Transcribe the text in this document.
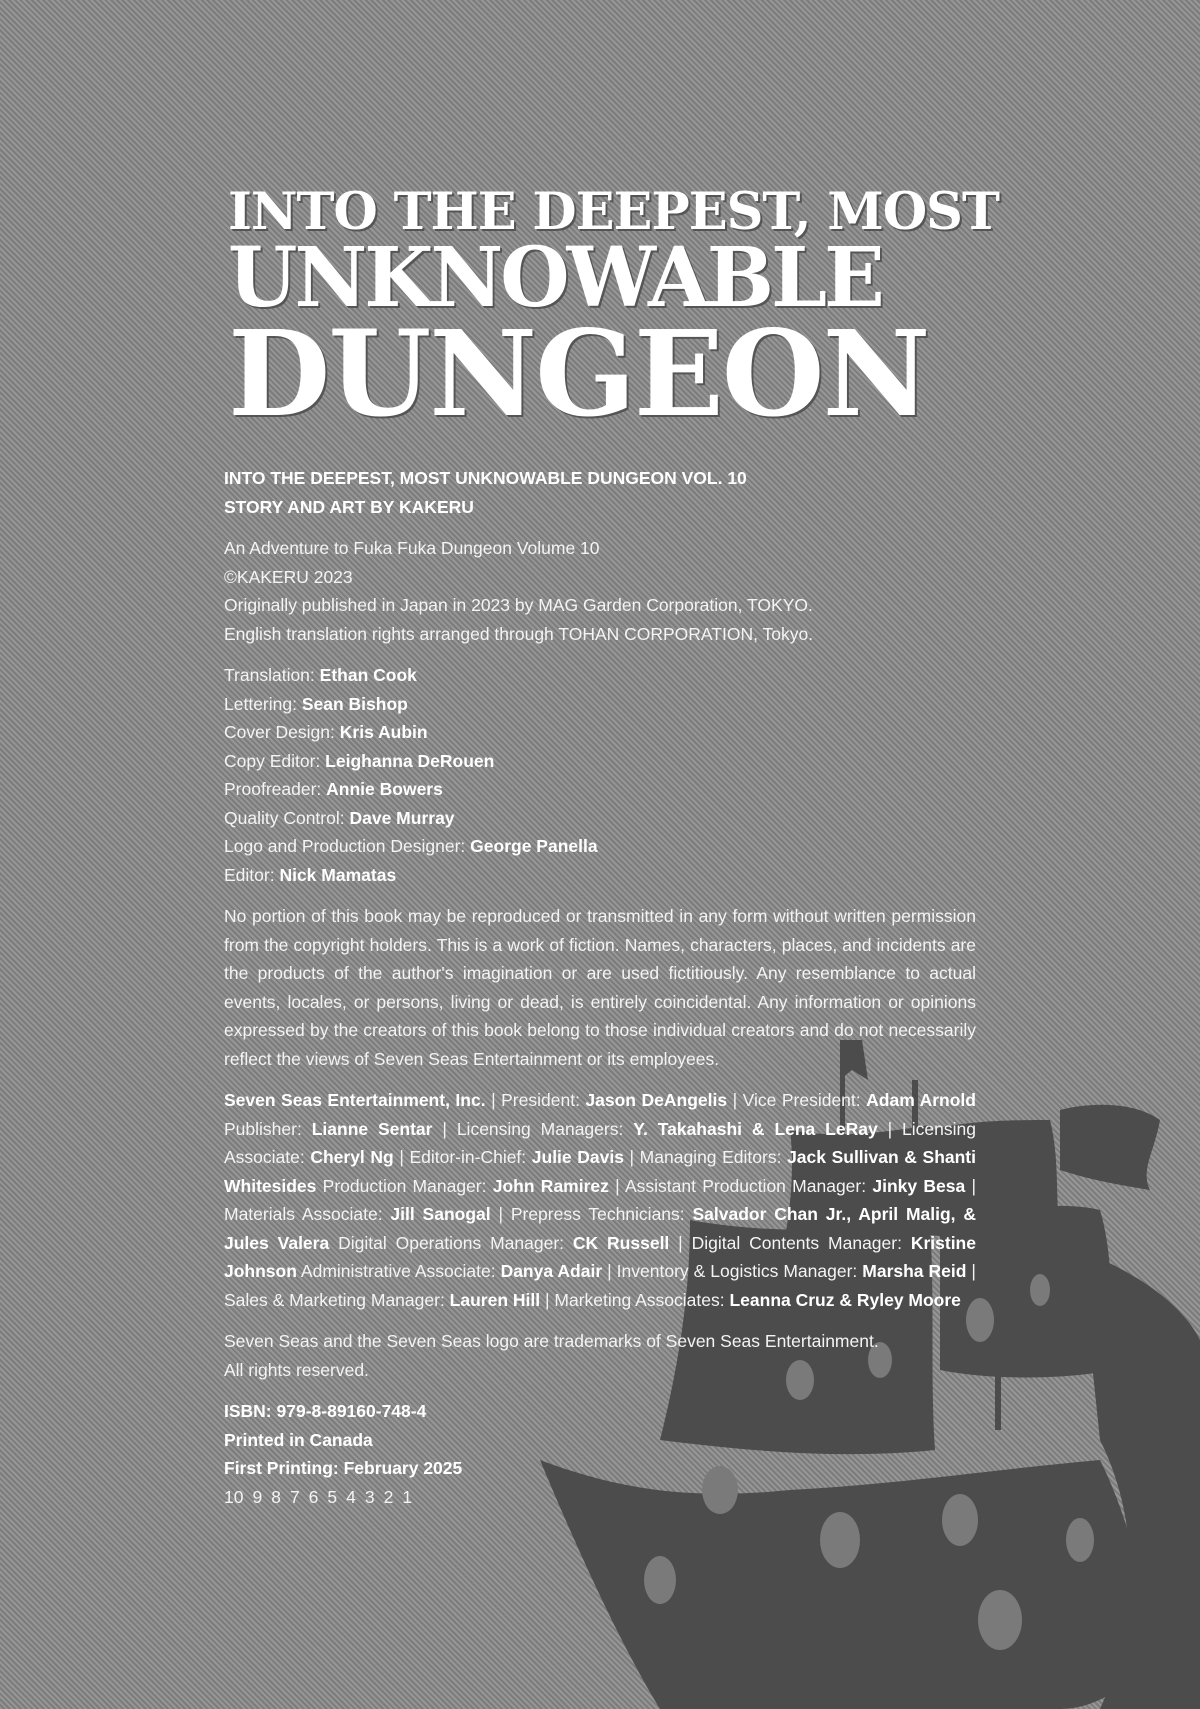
INTO THE DEEPEST, MOST
UNKNOWABLE
DUNGEON

INTO THE DEEPEST, MOST UNKNOWABLE DUNGEON VOL. 10
STORY AND ART BY KAKERU

An Adventure to Fuka Fuka Dungeon Volume 10
©KAKERU 2023
Originally published in Japan in 2023 by MAG Garden Corporation, TOKYO.
English translation rights arranged through TOHAN CORPORATION, Tokyo.

Translation: Ethan Cook
Lettering: Sean Bishop
Cover Design: Kris Aubin
Copy Editor: Leighanna DeRouen
Proofreader: Annie Bowers
Quality Control: Dave Murray
Logo and Production Designer: George Panella
Editor: Nick Mamatas

No portion of this book may be reproduced or transmitted in any form without written permission from the copyright holders. This is a work of fiction. Names, characters, places, and incidents are the products of the author's imagination or are used fictitiously. Any resemblance to actual events, locales, or persons, living or dead, is entirely coincidental. Any information or opinions expressed by the creators of this book belong to those individual creators and do not necessarily reflect the views of Seven Seas Entertainment or its employees.

Seven Seas Entertainment, Inc. | President: Jason DeAngelis | Vice President: Adam Arnold Publisher: Lianne Sentar | Licensing Managers: Y. Takahashi & Lena LeRay | Licensing Associate: Cheryl Ng | Editor-in-Chief: Julie Davis | Managing Editors: Jack Sullivan & Shanti Whitesides Production Manager: John Ramirez | Assistant Production Manager: Jinky Besa | Materials Associate: Jill Sanogal | Prepress Technicians: Salvador Chan Jr., April Malig, & Jules Valera Digital Operations Manager: CK Russell | Digital Contents Manager: Kristine Johnson Administrative Associate: Danya Adair | Inventory & Logistics Manager: Marsha Reid | Sales & Marketing Manager: Lauren Hill | Marketing Associates: Leanna Cruz & Ryley Moore

Seven Seas and the Seven Seas logo are trademarks of Seven Seas Entertainment.
All rights reserved.

ISBN: 979-8-89160-748-4
Printed in Canada
First Printing: February 2025
10 9 8 7 6 5 4 3 2 1
